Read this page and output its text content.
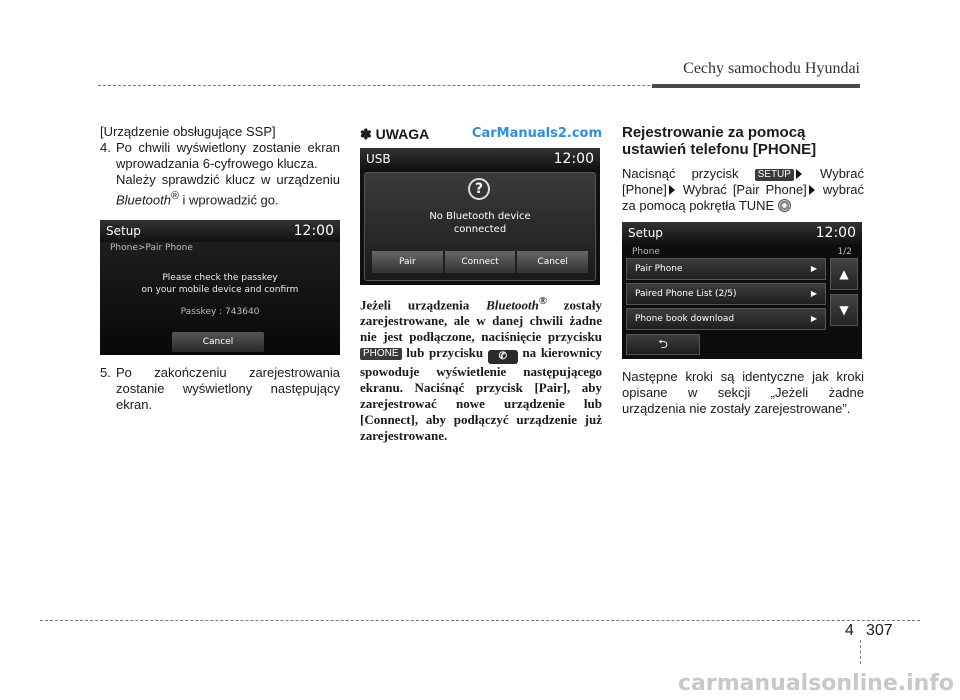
Cechy samochodu Hyundai

[Urządzenie obsługujące SSP]

4. Po chwili wyświetlony zostanie ekran wprowadzania 6-cyfrowego klucza.

Należy sprawdzić klucz w urządzeniu Bluetooth® i wprowadzić go.

Setup	12:00
Phone>Pair Phone
Please check the passkey
on your mobile device and confirm
Passkey : 743640
Cancel
5. Po zakończeniu zarejestrowania zostanie wyświetlony następujący ekran.
✽ UWAGA	CarManuals2.com
USB	12:00
?
No Bluetooth device
connected
Pair	Connect	Cancel

Jeżeli urządzenia Bluetooth® zostały zarejestrowane, ale w danej chwili żadne nie jest podłączone, naciśnięcie przycisku PHONE lub przycisku ✆ na kierownicy spowoduje wyświetlenie następującego ekranu. Naciśnąć przycisk [Pair], aby zarejestrować nowe urządzenie lub [Connect], aby podłączyć urządzenie już zarejestrowane.

Rejestrowanie za pomocą ustawień telefonu [PHONE]

Nacisnąć przycisk SETUP Wybrać [Phone] Wybrać [Pair Phone] wybrać za pomocą pokrętła TUNE

Setup	12:00
Phone	1/2
Pair Phone	▶
Paired Phone List (2/5)	▶
Phone book download	▶
▲
▼
⮌

Następne kroki są identyczne jak kroki opisane w sekcji „Jeżeli żadne urządzenia nie zostały zarejestrowane”.

4 307
carmanualsonline.info
